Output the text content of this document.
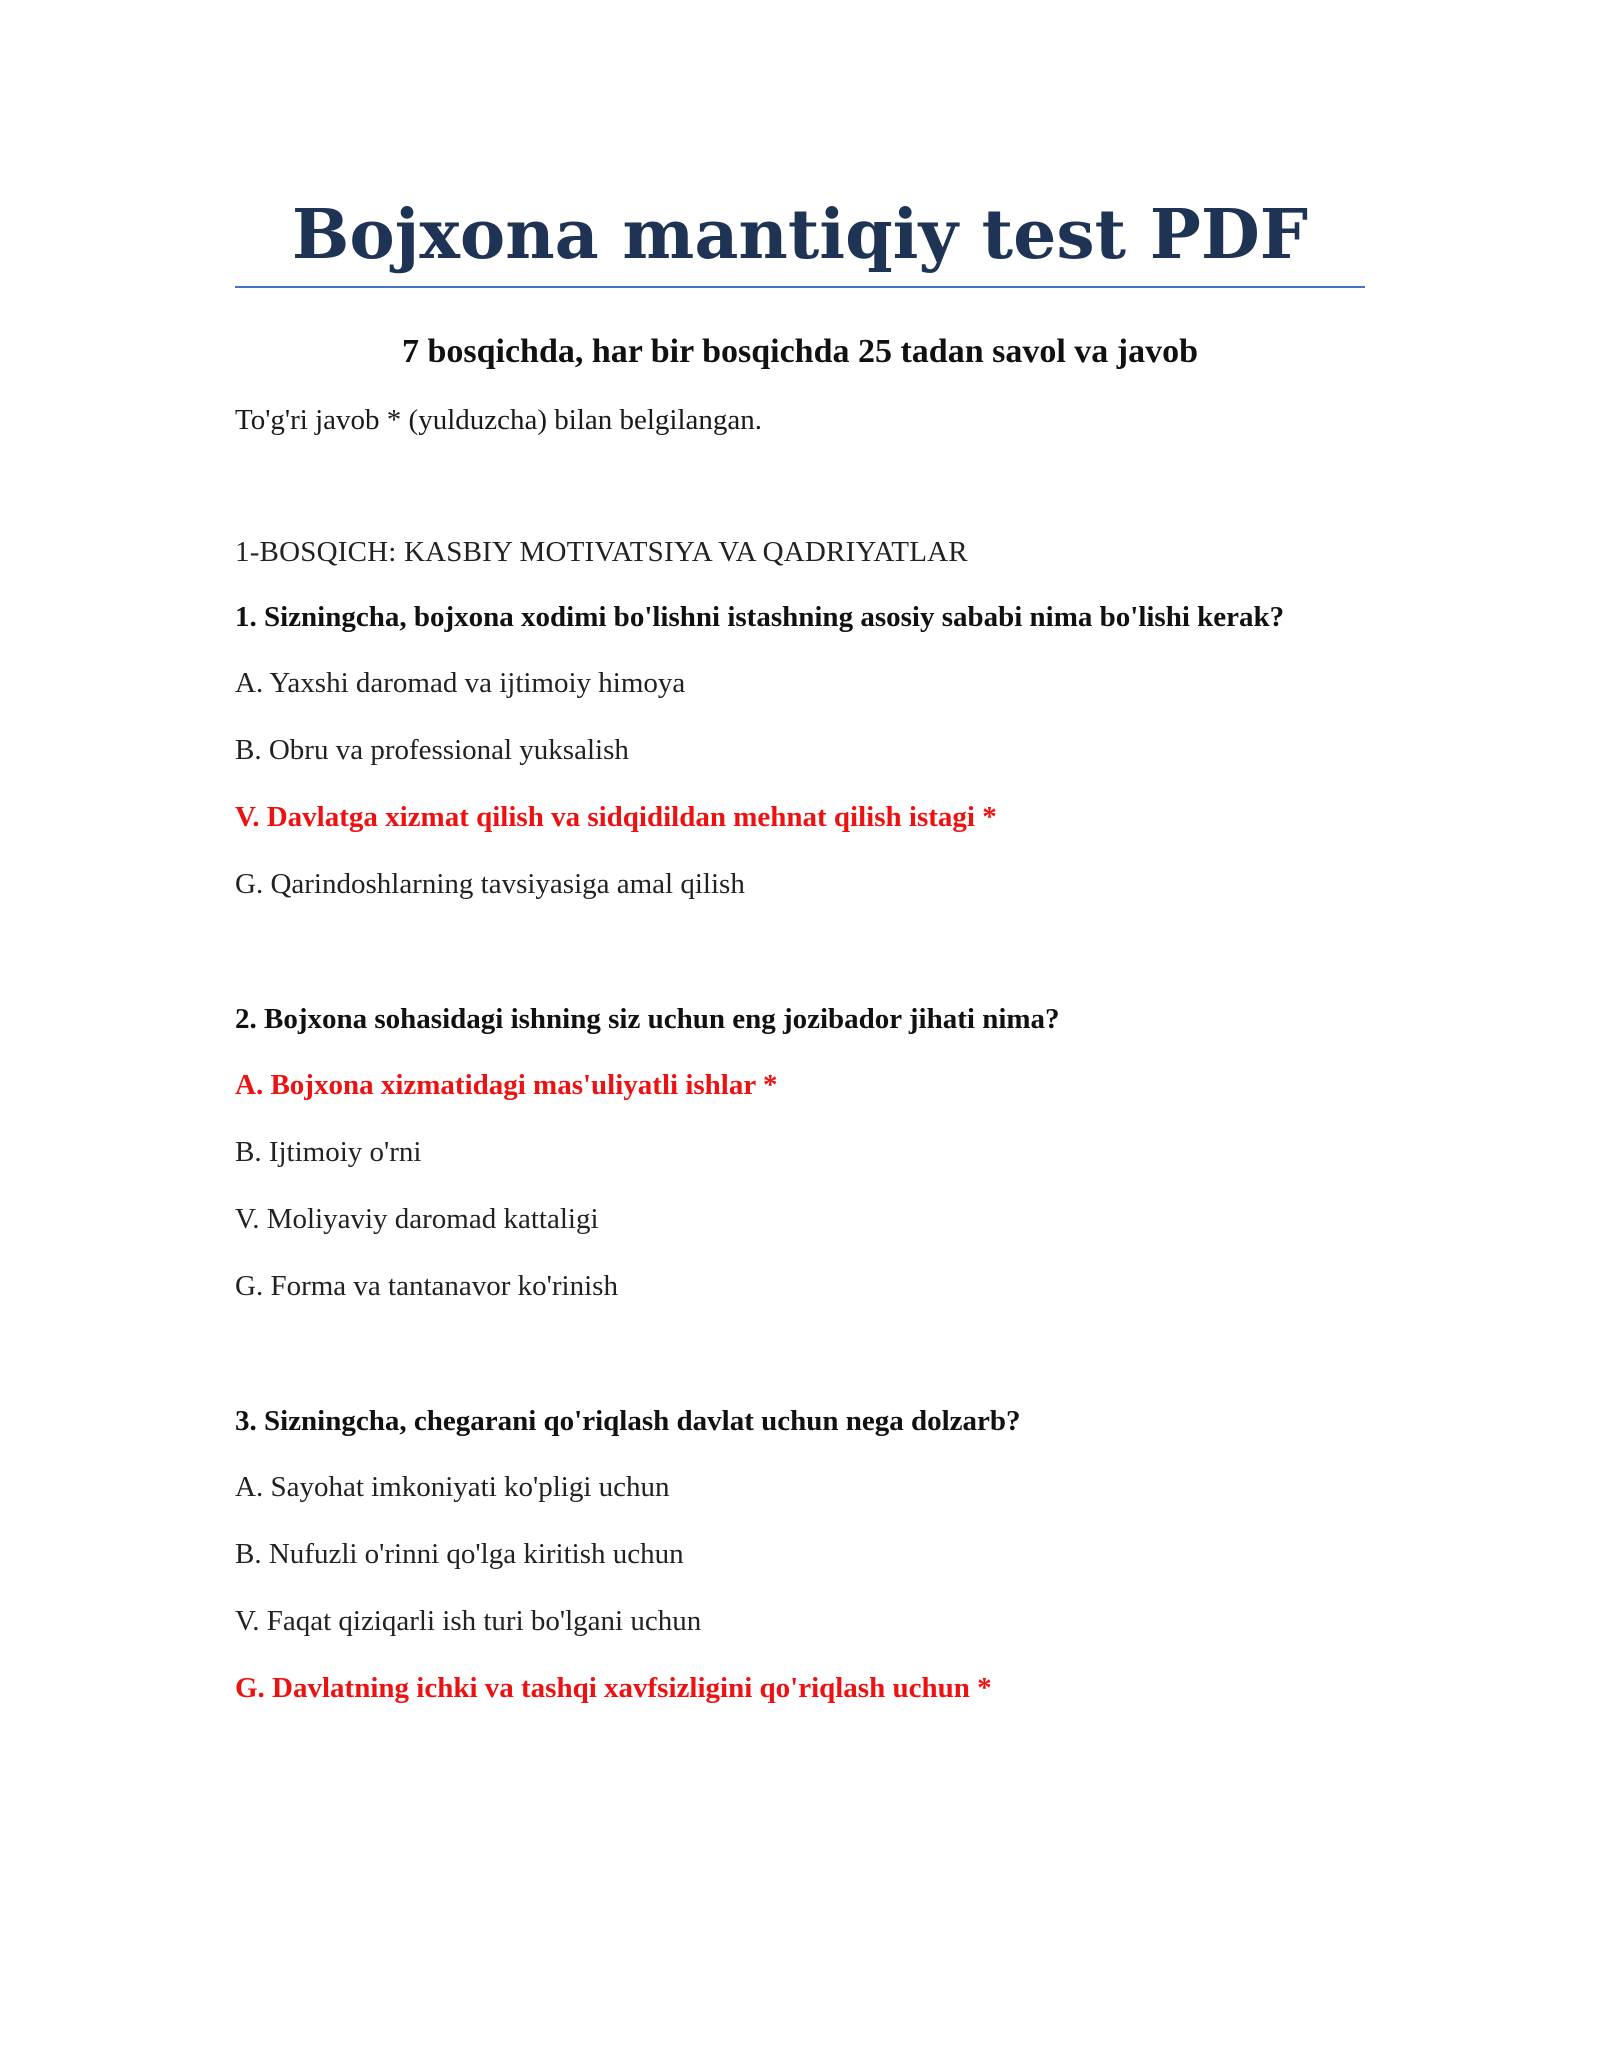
Bojxona mantiqiy test PDF
7 bosqichda, har bir bosqichda 25 tadan savol va javob

To'g'ri javob * (yulduzcha) bilan belgilangan.

1-BOSQICH: KASBIY MOTIVATSIYA VA QADRIYATLAR

1. Sizningcha, bojxona xodimi bo'lishni istashning asosiy sababi nima bo'lishi kerak?

A. Yaxshi daromad va ijtimoiy himoya
B. Obru va professional yuksalish
V. Davlatga xizmat qilish va sidqidildan mehnat qilish istagi *
G. Qarindoshlarning tavsiyasiga amal qilish

2. Bojxona sohasidagi ishning siz uchun eng jozibador jihati nima?

A. Bojxona xizmatidagi mas'uliyatli ishlar *
B. Ijtimoiy o'rni
V. Moliyaviy daromad kattaligi
G. Forma va tantanavor ko'rinish

3. Sizningcha, chegarani qo'riqlash davlat uchun nega dolzarb?

A. Sayohat imkoniyati ko'pligi uchun
B. Nufuzli o'rinni qo'lga kiritish uchun
V. Faqat qiziqarli ish turi bo'lgani uchun
G. Davlatning ichki va tashqi xavfsizligini qo'riqlash uchun *
